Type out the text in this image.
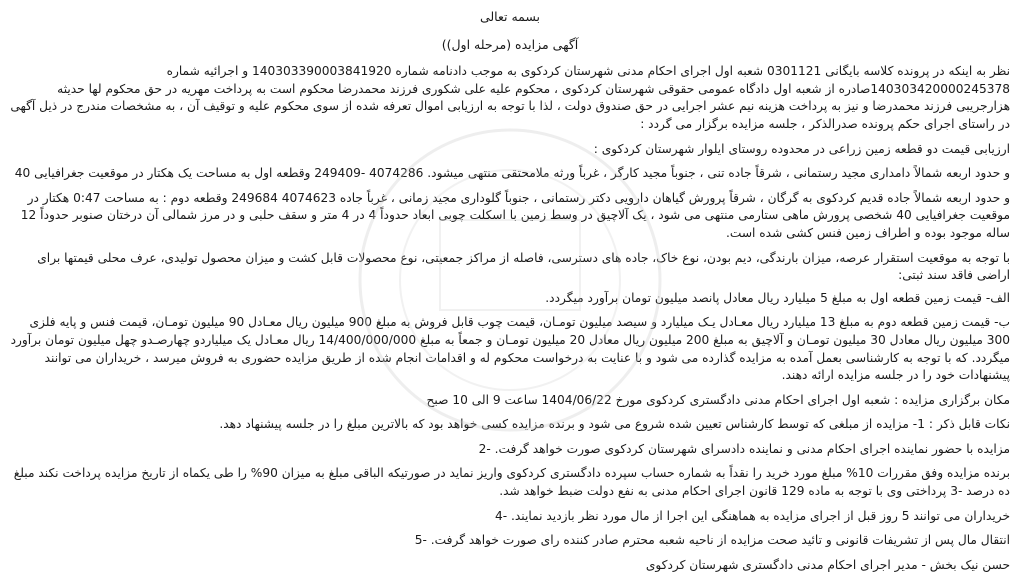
بسمه تعالی
آگهی مزایده (مرحله اول))

نظر به اینکه در پرونده کلاسه بایگانی 0301121 شعبه اول اجرای احکام مدنی شهرستان کردکوی به موجب دادنامه شماره 140303390003841920 و اجرائیه شماره 140303420000245378صادره از شعبه اول دادگاه عمومی حقوقی شهرستان کردکوی ، محکوم علیه علی شکوری فرزند محمدرضا محکوم است به پرداخت مهریه در حق محکوم لها حدیثه هزارجریبی فرزند محمدرضا و نیز به پرداخت هزینه نیم عشر اجرایی در حق صندوق دولت ، لذا با توجه به ارزیابی اموال تعرفه شده از سوی محکوم علیه و توقیف آن ، به مشخصات مندرج در ذیل آگهی در راستای اجرای حکم پرونده صدرالذکر ، جلسه مزایده برگزار می گردد :

ارزیابی قیمت دو قطعه زمین زراعی در محدوده روستای ایلوار شهرستان کردکوی :

و حدود اربعه شمالاً دامداری مجید رستمانی ، شرقاً جاده تنی ، جنوباً مجید کارگر ، غرباً ورثه ملامحتقی منتهی میشود. 4074286 -249409 وقطعه اول به مساحت یک هکتار در موقعیت جغرافیایی 40

و حدود اربعه شمالاً جاده قدیم کردکوی به گرگان ، شرقاً پرورش گیاهان دارویی دکتر رستمانی ، جنوباً گلوداری مجید زمانی ، غرباً جاده 4074623 249684 وقطعه دوم : به مساحت 0:47 هکتار در موقعیت جغرافیایی 40 شخصی پرورش ماهی ستارمی منتهی می شود ، یک آلاچیق در وسط زمین با اسکلت چوبی ابعاد حدوداً 4 در 4 متر و سقف حلبی و در مرز شمالی آن درختان صنوبر حدوداً 12 ساله موجود بوده و اطراف زمین فنس کشی شده است.

با توجه به موقعیت استقرار عرصه، میزان بارندگی، دیم بودن، نوع خاک، جاده های دسترسی، فاصله از مراکز جمعیتی، نوع محصولات قابل کشت و میزان محصول تولیدی، عرف محلی قیمتها برای اراضی فاقد سند ثبتی:

الف- قیمت زمین قطعه اول به مبلغ 5 میلیارد ریال معادل پانصد میلیون تومان برآورد میگردد.

ب- قیمت زمین قطعه دوم به مبلغ 13 میلیارد ریال معـادل یـک میلیارد و سیصد میلیون تومـان، قیمت چوب قابل فروش به مبلغ 900 میلیون ریال معـادل 90 میلیون تومـان، قیمت فنس و پایه فلزی 300 میلیون ریال معادل 30 میلیون تومـان و آلاچیق به مبلغ 200 میلیون ریال معادل 20 میلیون تومـان و جمعاً به مبلغ 14/400/000/000 ریال معـادل یک میلیاردو چهارصـدو چهل میلیون تومان برآورد میگردد. که با توجه به کارشناسی بعمل آمده به مزایده گذارده می شود و با عنایت به درخواست محکوم له و اقدامات انجام شده از طریق مزایده حضوری به فروش میرسد ، خریداران می توانند پیشنهادات خود را در جلسه مزایده ارائه دهند.

مکان برگزاری مزایده : شعبه اول اجرای احکام مدنی دادگستری کردکوی مورخ 1404/06/22 ساعت 9 الی 10 صبح

نکات قابل ذکر : 1- مزایده از مبلغی که توسط کارشناس تعیین شده شروع می شود و برنده مزایده کسی خواهد بود که بالاترین مبلغ را در جلسه پیشنهاد دهد.

مزایده با حضور نماینده اجرای احکام مدنی و نماینده دادسرای شهرستان کردکوی صورت خواهد گرفت. -2

برنده مزایده وفق مقررات 10% مبلغ مورد خرید را نقداً به شماره حساب سپرده دادگستری کردکوی واریز نماید در صورتیکه الباقی مبلغ به میزان 90% را طی یکماه از تاریخ مزایده پرداخت نکند مبلغ ده درصد -3 پرداختی وی با توجه به ماده 129 قانون اجرای احکام مدنی به نفع دولت ضبط خواهد شد.

خریداران می توانند 5 روز قبل از اجرای مزایده به هماهنگی این اجرا از مال مورد نظر بازدید نمایند. -4

انتقال مال پس از تشریفات قانونی و تائید صحت مزایده از ناحیه شعبه محترم صادر کننده رای صورت خواهد گرفت. -5

حسن نیک بخش - مدیر اجرای احکام مدنی دادگستری شهرستان کردکوی
